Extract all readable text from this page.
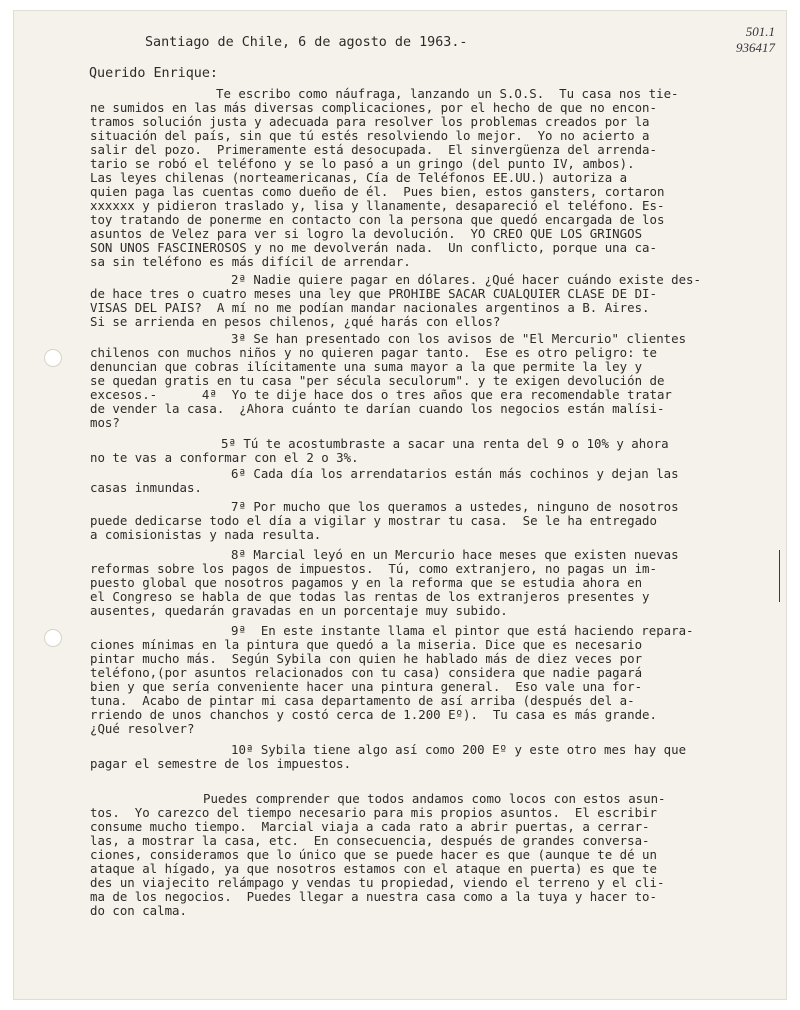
501.1
936417
Santiago de Chile, 6 de agosto de 1963.-
Querido Enrique:
Te escribo como náufraga, lanzando un S.O.S.  Tu casa nos tie-
ne sumidos en las más diversas complicaciones, por el hecho de que no encon-
tramos solución justa y adecuada para resolver los problemas creados por la
situación del país, sin que tú estés resolviendo lo mejor.  Yo no acierto a
salir del pozo.  Primeramente está desocupada.  El sinvergüenza del arrenda-
tario se robó el teléfono y se lo pasó a un gringo (del punto IV, ambos).
Las leyes chilenas (norteamericanas, Cía de Teléfonos EE.UU.) autoriza a
quien paga las cuentas como dueño de él.  Pues bien, estos gansters, cortaron
xxxxxx y pidieron traslado y, lisa y llanamente, desapareció el teléfono. Es-
toy tratando de ponerme en contacto con la persona que quedó encargada de los
asuntos de Velez para ver si logro la devolución.  YO CREO QUE LOS GRINGOS
SON UNOS FASCINEROSOS y no me devolverán nada.  Un conflicto, porque una ca-
sa sin teléfono es más difícil de arrendar.
2ª Nadie quiere pagar en dólares. ¿Qué hacer cuándo existe des-
de hace tres o cuatro meses una ley que PROHIBE SACAR CUALQUIER CLASE DE DI-
VISAS DEL PAIS?  A mí no me podían mandar nacionales argentinos a B. Aires.
Si se arrienda en pesos chilenos, ¿qué harás con ellos?
3ª Se han presentado con los avisos de "El Mercurio" clientes
chilenos con muchos niños y no quieren pagar tanto.  Ese es otro peligro: te
denuncian que cobras ilícitamente una suma mayor a la que permite la ley y
se quedan gratis en tu casa "per sécula seculorum". y te exigen devolución de
excesos.-      4ª  Yo te dije hace dos o tres años que era recomendable tratar
de vender la casa.  ¿Ahora cuánto te darían cuando los negocios están malísi-
mos?
5ª Tú te acostumbraste a sacar una renta del 9 o 10% y ahora
no te vas a conformar con el 2 o 3%.
6ª Cada día los arrendatarios están más cochinos y dejan las
casas inmundas.
7ª Por mucho que los queramos a ustedes, ninguno de nosotros
puede dedicarse todo el día a vigilar y mostrar tu casa.  Se le ha entregado
a comisionistas y nada resulta.
8ª Marcial leyó en un Mercurio hace meses que existen nuevas
reformas sobre los pagos de impuestos.  Tú, como extranjero, no pagas un im-
puesto global que nosotros pagamos y en la reforma que se estudia ahora en
el Congreso se habla de que todas las rentas de los extranjeros presentes y
ausentes, quedarán gravadas en un porcentaje muy subido.
9ª  En este instante llama el pintor que está haciendo repara-
ciones mínimas en la pintura que quedó a la miseria. Dice que es necesario
pintar mucho más.  Según Sybila con quien he hablado más de diez veces por
teléfono,(por asuntos relacionados con tu casa) considera que nadie pagará
bien y que sería conveniente hacer una pintura general.  Eso vale una for-
tuna.  Acabo de pintar mi casa departamento de así arriba (después del a-
rriendo de unos chanchos y costó cerca de 1.200 Eº).  Tu casa es más grande.
¿Qué resolver?
10ª Sybila tiene algo así como 200 Eº y este otro mes hay que
pagar el semestre de los impuestos.
Puedes comprender que todos andamos como locos con estos asun-
tos.  Yo carezco del tiempo necesario para mis propios asuntos.  El escribir
consume mucho tiempo.  Marcial viaja a cada rato a abrir puertas, a cerrar-
las, a mostrar la casa, etc.  En consecuencia, después de grandes conversa-
ciones, consideramos que lo único que se puede hacer es que (aunque te dé un
ataque al hígado, ya que nosotros estamos con el ataque en puerta) es que te
des un viajecito relámpago y vendas tu propiedad, viendo el terreno y el cli-
ma de los negocios.  Puedes llegar a nuestra casa como a la tuya y hacer to-
do con calma.
